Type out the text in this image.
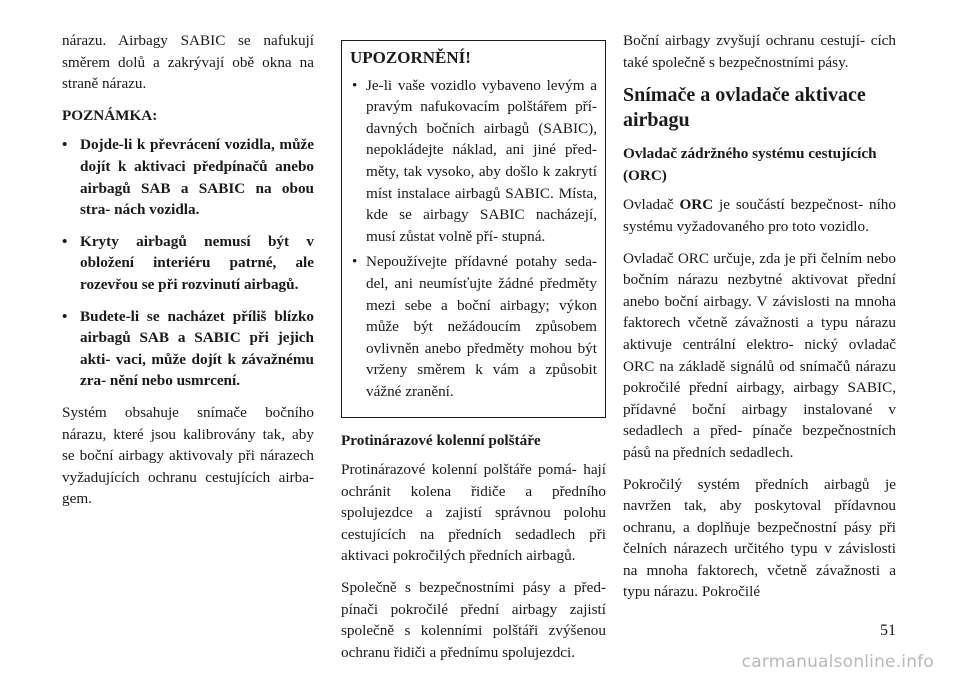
nárazu. Airbagy SABIC se nafukují směrem dolů a zakrývají obě okna na straně nárazu.

POZNÁMKA:
• Dojde-li k převrácení vozidla, může dojít k aktivaci předpínačů anebo airbagů SAB a SABIC na obou stra- nách vozidla.
• Kryty airbagů nemusí být v obložení interiéru patrné, ale rozevřou se při rozvinutí airbagů.
• Budete-li se nacházet příliš blízko airbagů SAB a SABIC při jejich akti- vaci, může dojít k závažnému zra- nění nebo usmrcení.

Systém obsahuje snímače bočního nárazu, které jsou kalibrovány tak, aby se boční airbagy aktivovaly při nárazech vyžadujících ochranu cestujících airba- gem.

UPOZORNĚNÍ!
• Je-li vaše vozidlo vybaveno levým a pravým nafukovacím polštářem pří- davných bočních airbagů (SABIC), nepokládejte náklad, ani jiné před- měty, tak vysoko, aby došlo k zakrytí míst instalace airbagů SABIC. Místa, kde se airbagy SABIC nacházejí, musí zůstat volně pří- stupná.
• Nepoužívejte přídavné potahy seda- del, ani neumísťujte žádné předměty mezi sebe a boční airbagy; výkon může být nežádoucím způsobem ovlivněn anebo předměty mohou být vrženy směrem k vám a způsobit vážné zranění.
Protinárazové kolenní polštáře

Protinárazové kolenní polštáře pomá- hají ochránit kolena řidiče a předního spolujezdce a zajistí správnou polohu cestujících na předních sedadlech při aktivaci pokročilých předních airbagů.

Společně s bezpečnostními pásy a před- pínači pokročilé přední airbagy zajistí společně s kolenními polštáři zvýšenou ochranu řidiči a přednímu spolujezdci.

Boční airbagy zvyšují ochranu cestují- cích také společně s bezpečnostními pásy.

Snímače a ovladače aktivace airbagu
Ovladač zádržného systému cestujících (ORC)

Ovladač ORC je součástí bezpečnost- ního systému vyžadovaného pro toto vozidlo.

Ovladač ORC určuje, zda je při čelním nebo bočním nárazu nezbytné aktivovat přední anebo boční airbagy. V závislosti na mnoha faktorech včetně závažnosti a typu nárazu aktivuje centrální elektro- nický ovladač ORC na základě signálů od snímačů nárazu pokročilé přední airbagy, airbagy SABIC, přídavné boční airbagy instalované v sedadlech a před- pínače bezpečnostních pásů na předních sedadlech.

Pokročilý systém předních airbagů je navržen tak, aby poskytoval přídavnou ochranu, a doplňuje bezpečnostní pásy při čelních nárazech určitého typu v závislosti na mnoha faktorech, včetně závažnosti a typu nárazu. Pokročilé

51
carmanualsonline.info
